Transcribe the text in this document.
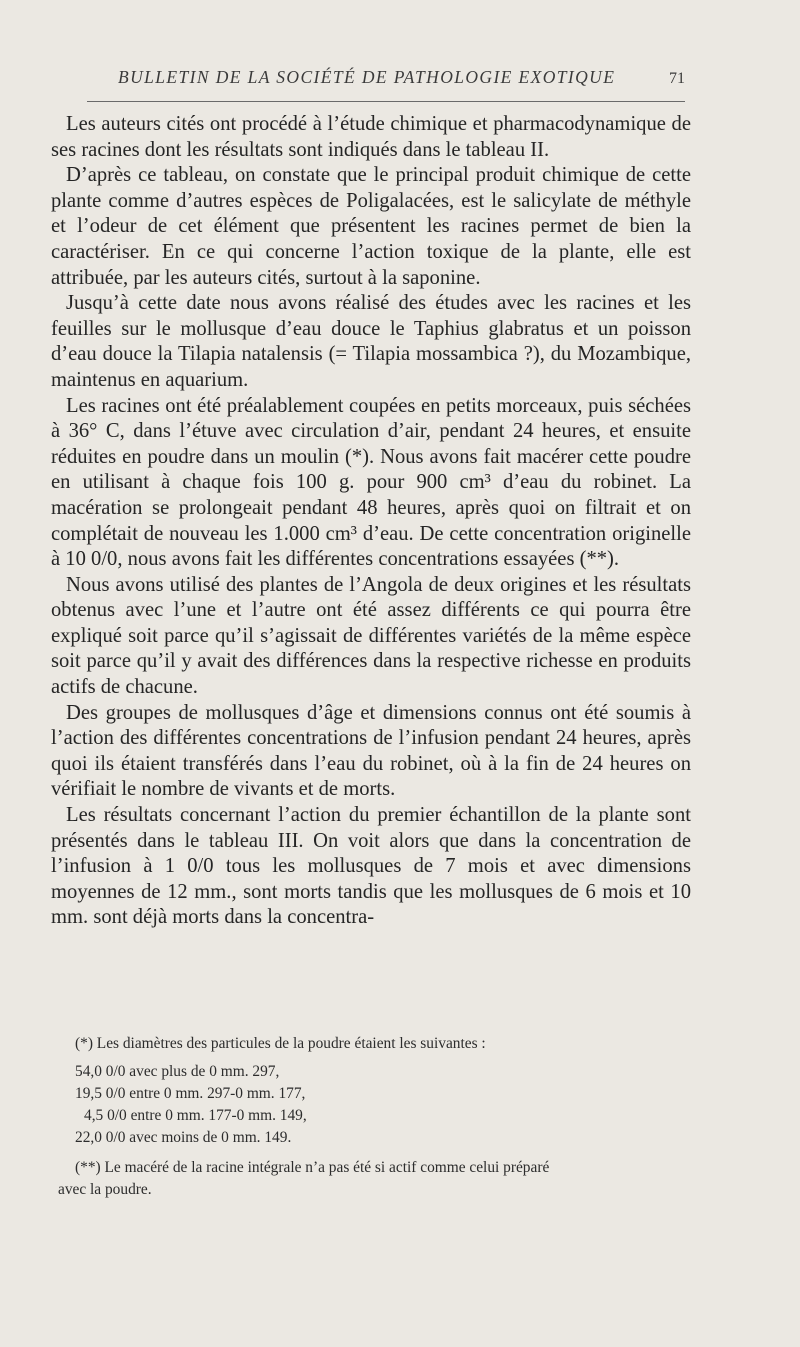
BULLETIN DE LA SOCIÉTÉ DE PATHOLOGIE EXOTIQUE	71

Les auteurs cités ont procédé à l’étude chimique et pharmacodynamique de ses racines dont les résultats sont indiqués dans le tableau II.

D’après ce tableau, on constate que le principal produit chimique de cette plante comme d’autres espèces de Poligalacées, est le salicylate de méthyle et l’odeur de cet élément que présentent les racines permet de bien la caractériser. En ce qui concerne l’action toxique de la plante, elle est attribuée, par les auteurs cités, surtout à la saponine.

Jusqu’à cette date nous avons réalisé des études avec les racines et les feuilles sur le mollusque d’eau douce le Taphius glabratus et un poisson d’eau douce la Tilapia natalensis (= Tilapia mossambica ?), du Mozambique, maintenus en aquarium.

Les racines ont été préalablement coupées en petits morceaux, puis séchées à 36° C, dans l’étuve avec circulation d’air, pendant 24 heures, et ensuite réduites en poudre dans un moulin (*). Nous avons fait macérer cette poudre en utilisant à chaque fois 100 g. pour 900 cm³ d’eau du robinet. La macération se prolongeait pendant 48 heures, après quoi on filtrait et on complétait de nouveau les 1.000 cm³ d’eau. De cette concentration originelle à 10 0/0, nous avons fait les différentes concentrations essayées (**).

Nous avons utilisé des plantes de l’Angola de deux origines et les résultats obtenus avec l’une et l’autre ont été assez différents ce qui pourra être expliqué soit parce qu’il s’agissait de différentes variétés de la même espèce soit parce qu’il y avait des différences dans la respective richesse en produits actifs de chacune.

Des groupes de mollusques d’âge et dimensions connus ont été soumis à l’action des différentes concentrations de l’infusion pendant 24 heures, après quoi ils étaient transférés dans l’eau du robinet, où à la fin de 24 heures on vérifiait le nombre de vivants et de morts.

Les résultats concernant l’action du premier échantillon de la plante sont présentés dans le tableau III. On voit alors que dans la concentration de l’infusion à 1 0/0 tous les mollusques de 7 mois et avec dimensions moyennes de 12 mm., sont morts tandis que les mollusques de 6 mois et 10 mm. sont déjà morts dans la concentra-

(*) Les diamètres des particules de la poudre étaient les suivantes :

54,0 0/0 avec plus de 0 mm. 297,

19,5 0/0 entre 0 mm. 297-0 mm. 177,

4,5 0/0 entre 0 mm. 177-0 mm. 149,

22,0 0/0 avec moins de 0 mm. 149.

(**) Le macéré de la racine intégrale n’a pas été si actif comme celui préparé

avec la poudre.
